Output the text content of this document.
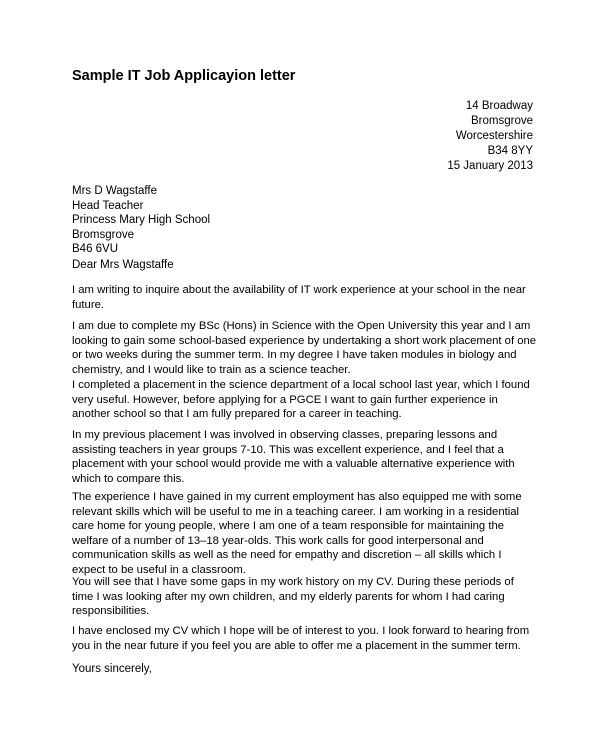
Sample IT Job Applicayion letter
14 Broadway
Bromsgrove
Worcestershire
B34 8YY
15 January 2013
Mrs D Wagstaffe
Head Teacher
Princess Mary High School
Bromsgrove
B46 6VU
Dear Mrs Wagstaffe
I am writing to inquire about the availability of IT work experience at your school in the near
future.
I am due to complete my BSc (Hons) in Science with the Open University this year and I am
looking to gain some school-based experience by undertaking a short work placement of one
or two weeks during the summer term. In my degree I have taken modules in biology and
chemistry, and I would like to train as a science teacher.
I completed a placement in the science department of a local school last year, which I found
very useful. However, before applying for a PGCE I want to gain further experience in
another school so that I am fully prepared for a career in teaching.
In my previous placement I was involved in observing classes, preparing lessons and
assisting teachers in year groups 7-10. This was excellent experience, and I feel that a
placement with your school would provide me with a valuable alternative experience with
which to compare this.
The experience I have gained in my current employment has also equipped me with some
relevant skills which will be useful to me in a teaching career. I am working in a residential
care home for young people, where I am one of a team responsible for maintaining the
welfare of a number of 13–18 year-olds. This work calls for good interpersonal and
communication skills as well as the need for empathy and discretion – all skills which I
expect to be useful in a classroom.
You will see that I have some gaps in my work history on my CV. During these periods of
time I was looking after my own children, and my elderly parents for whom I had caring
responsibilities.
I have enclosed my CV which I hope will be of interest to you. I look forward to hearing from
you in the near future if you feel you are able to offer me a placement in the summer term.
Yours sincerely,
